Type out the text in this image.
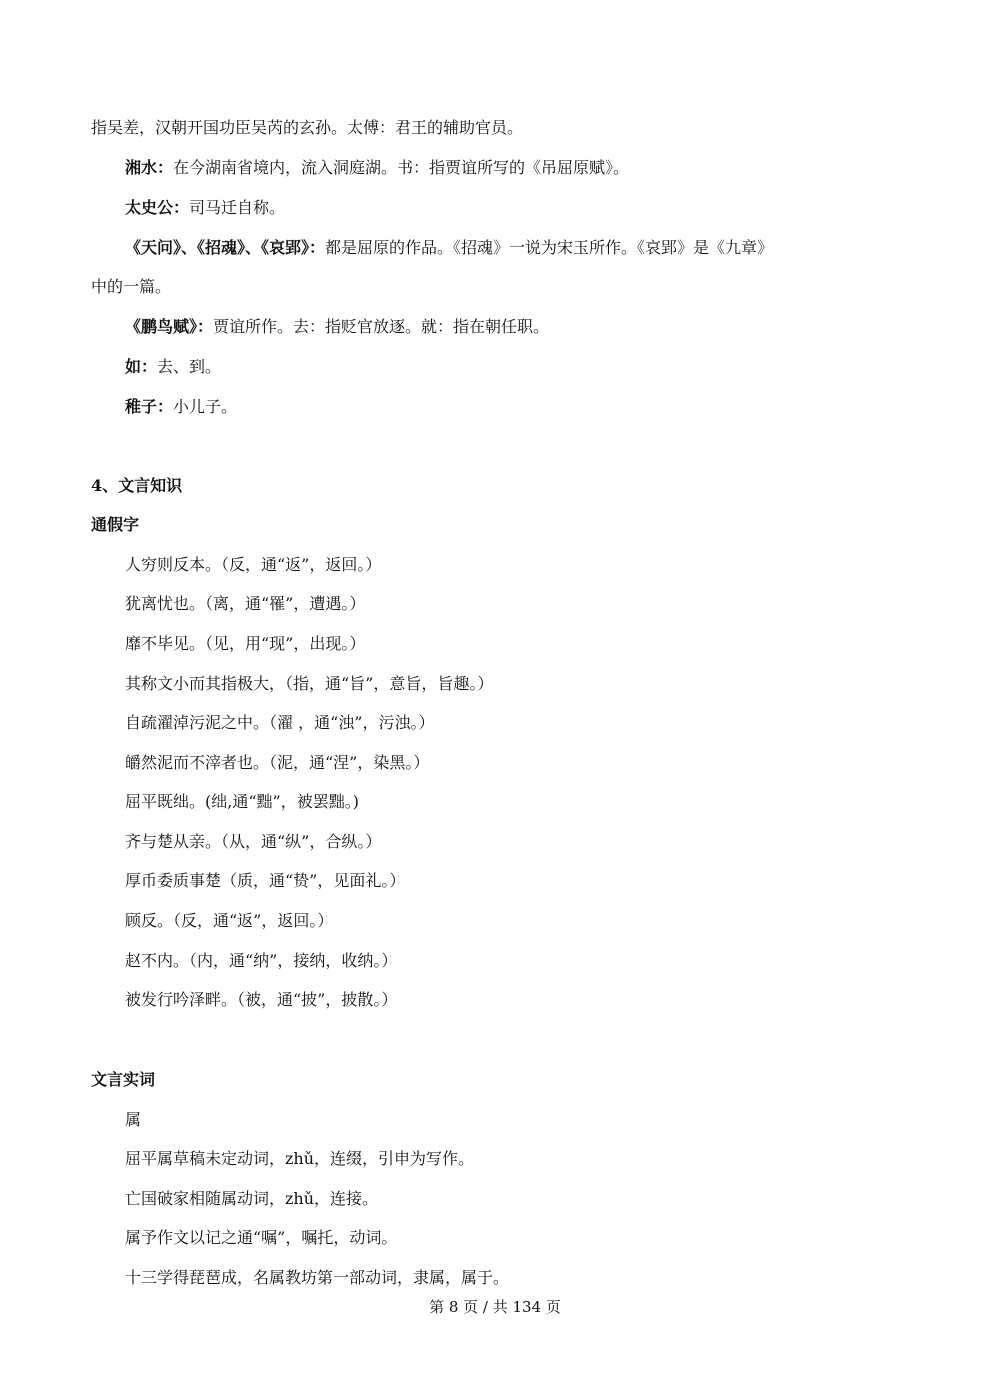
指吴差，汉朝开国功臣吴芮的玄孙。太傅：君王的辅助官员。
湘水：在今湖南省境内，流入洞庭湖。书：指贾谊所写的《吊屈原赋》。
太史公：司马迁自称。
《天问》、《招魂》、《哀郢》：都是屈原的作品。《招魂》一说为宋玉所作。《哀郢》是《九章》
中的一篇。
《鹏鸟赋》：贾谊所作。去：指贬官放逐。就：指在朝任职。
如：去、到。
稚子：小儿子。
4、文言知识
通假字
人穷则反本。（反，通“返”，返回。）
犹离忧也。（离，通“罹”，遭遇。）
靡不毕见。（见，用“现”，出现。）
其称文小而其指极大，（指，通“旨”，意旨，旨趣。）
自疏濯淖污泥之中。（濯 ，通“浊”，污浊。）
皭然泥而不滓者也。（泥，通“涅”，染黑。）
屈平既绌。(绌,通“黜”，被罢黜。)
齐与楚从亲。（从，通“纵”，合纵。）
厚币委质事楚（质，通“贽”，见面礼。）
顾反。（反，通“返”，返回。）
赵不内。（内，通“纳”，接纳，收纳。）
被发行吟泽畔。（被，通“披”，披散。）
文言实词
属
屈平属草稿未定动词，zhǔ，连缀，引申为写作。
亡国破家相随属动词，zhǔ，连接。
属予作文以记之通“嘱”，嘱托，动词。
十三学得琵琶成，名属教坊第一部动词，隶属，属于。
第 8 页 / 共 134 页
